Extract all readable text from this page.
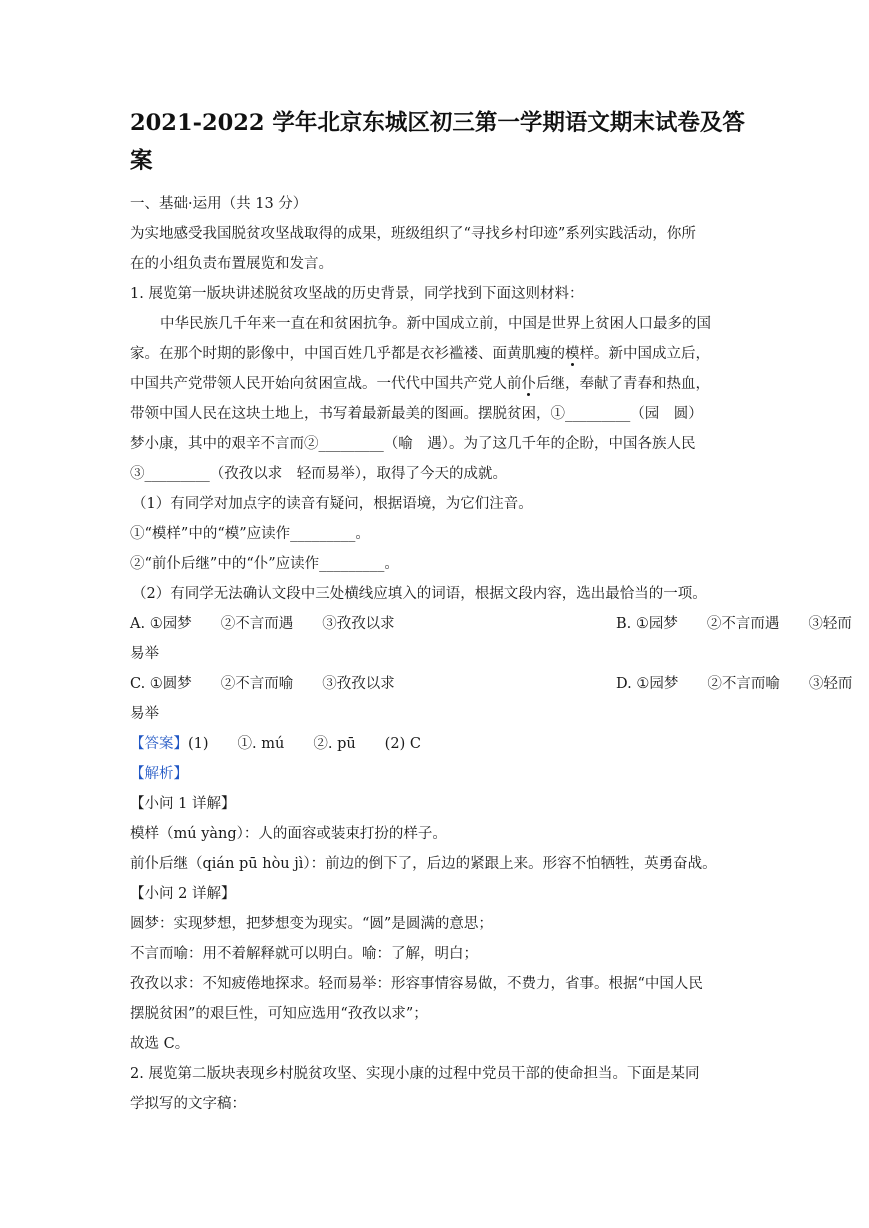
2021-2022 学年北京东城区初三第一学期语文期末试卷及答
案
一、基础·运用（共 13 分）
为实地感受我国脱贫攻坚战取得的成果，班级组织了“寻找乡村印迹”系列实践活动，你所
在的小组负责布置展览和发言。
1. 展览第一版块讲述脱贫攻坚战的历史背景，同学找到下面这则材料：
中华民族几千年来一直在和贫困抗争。新中国成立前，中国是世界上贫困人口最多的国
家。在那个时期的影像中，中国百姓几乎都是衣衫褴褛、面黄肌瘦的模样。新中国成立后，
中国共产党带领人民开始向贫困宣战。一代代中国共产党人前仆后继，奉献了青春和热血，
带领中国人民在这块土地上，书写着最新最美的图画。摆脱贫困，①_________（园　圆）
梦小康，其中的艰辛不言而②_________（喻　遇）。为了这几千年的企盼，中国各族人民
③_________（孜孜以求　轻而易举），取得了今天的成就。
（1）有同学对加点字的读音有疑问，根据语境，为它们注音。
①“模样”中的“模”应读作_________。
②“前仆后继”中的“仆”应读作_________。
（2）有同学无法确认文段中三处横线应填入的词语，根据文段内容，选出最恰当的一项。
A. ①园梦　　②不言而遇　　③孜孜以求	B. ①园梦　　②不言而遇　　③轻而
易举
C. ①圆梦　　②不言而喻　　③孜孜以求	D. ①园梦　　②不言而喻　　③轻而
易举
【答案】(1)　　①. mú　　②. pū　　(2) C
【解析】
【小问 1 详解】
模样（mú yàng）：人的面容或装束打扮的样子。
前仆后继（qián pū hòu jì）：前边的倒下了，后边的紧跟上来。形容不怕牺牲，英勇奋战。
【小问 2 详解】
圆梦：实现梦想，把梦想变为现实。“圆”是圆满的意思；
不言而喻：用不着解释就可以明白。喻：了解，明白；
孜孜以求：不知疲倦地探求。轻而易举：形容事情容易做，不费力，省事。根据“中国人民
摆脱贫困”的艰巨性，可知应选用“孜孜以求”；
故选 C。
2. 展览第二版块表现乡村脱贫攻坚、实现小康的过程中党员干部的使命担当。下面是某同
学拟写的文字稿：
